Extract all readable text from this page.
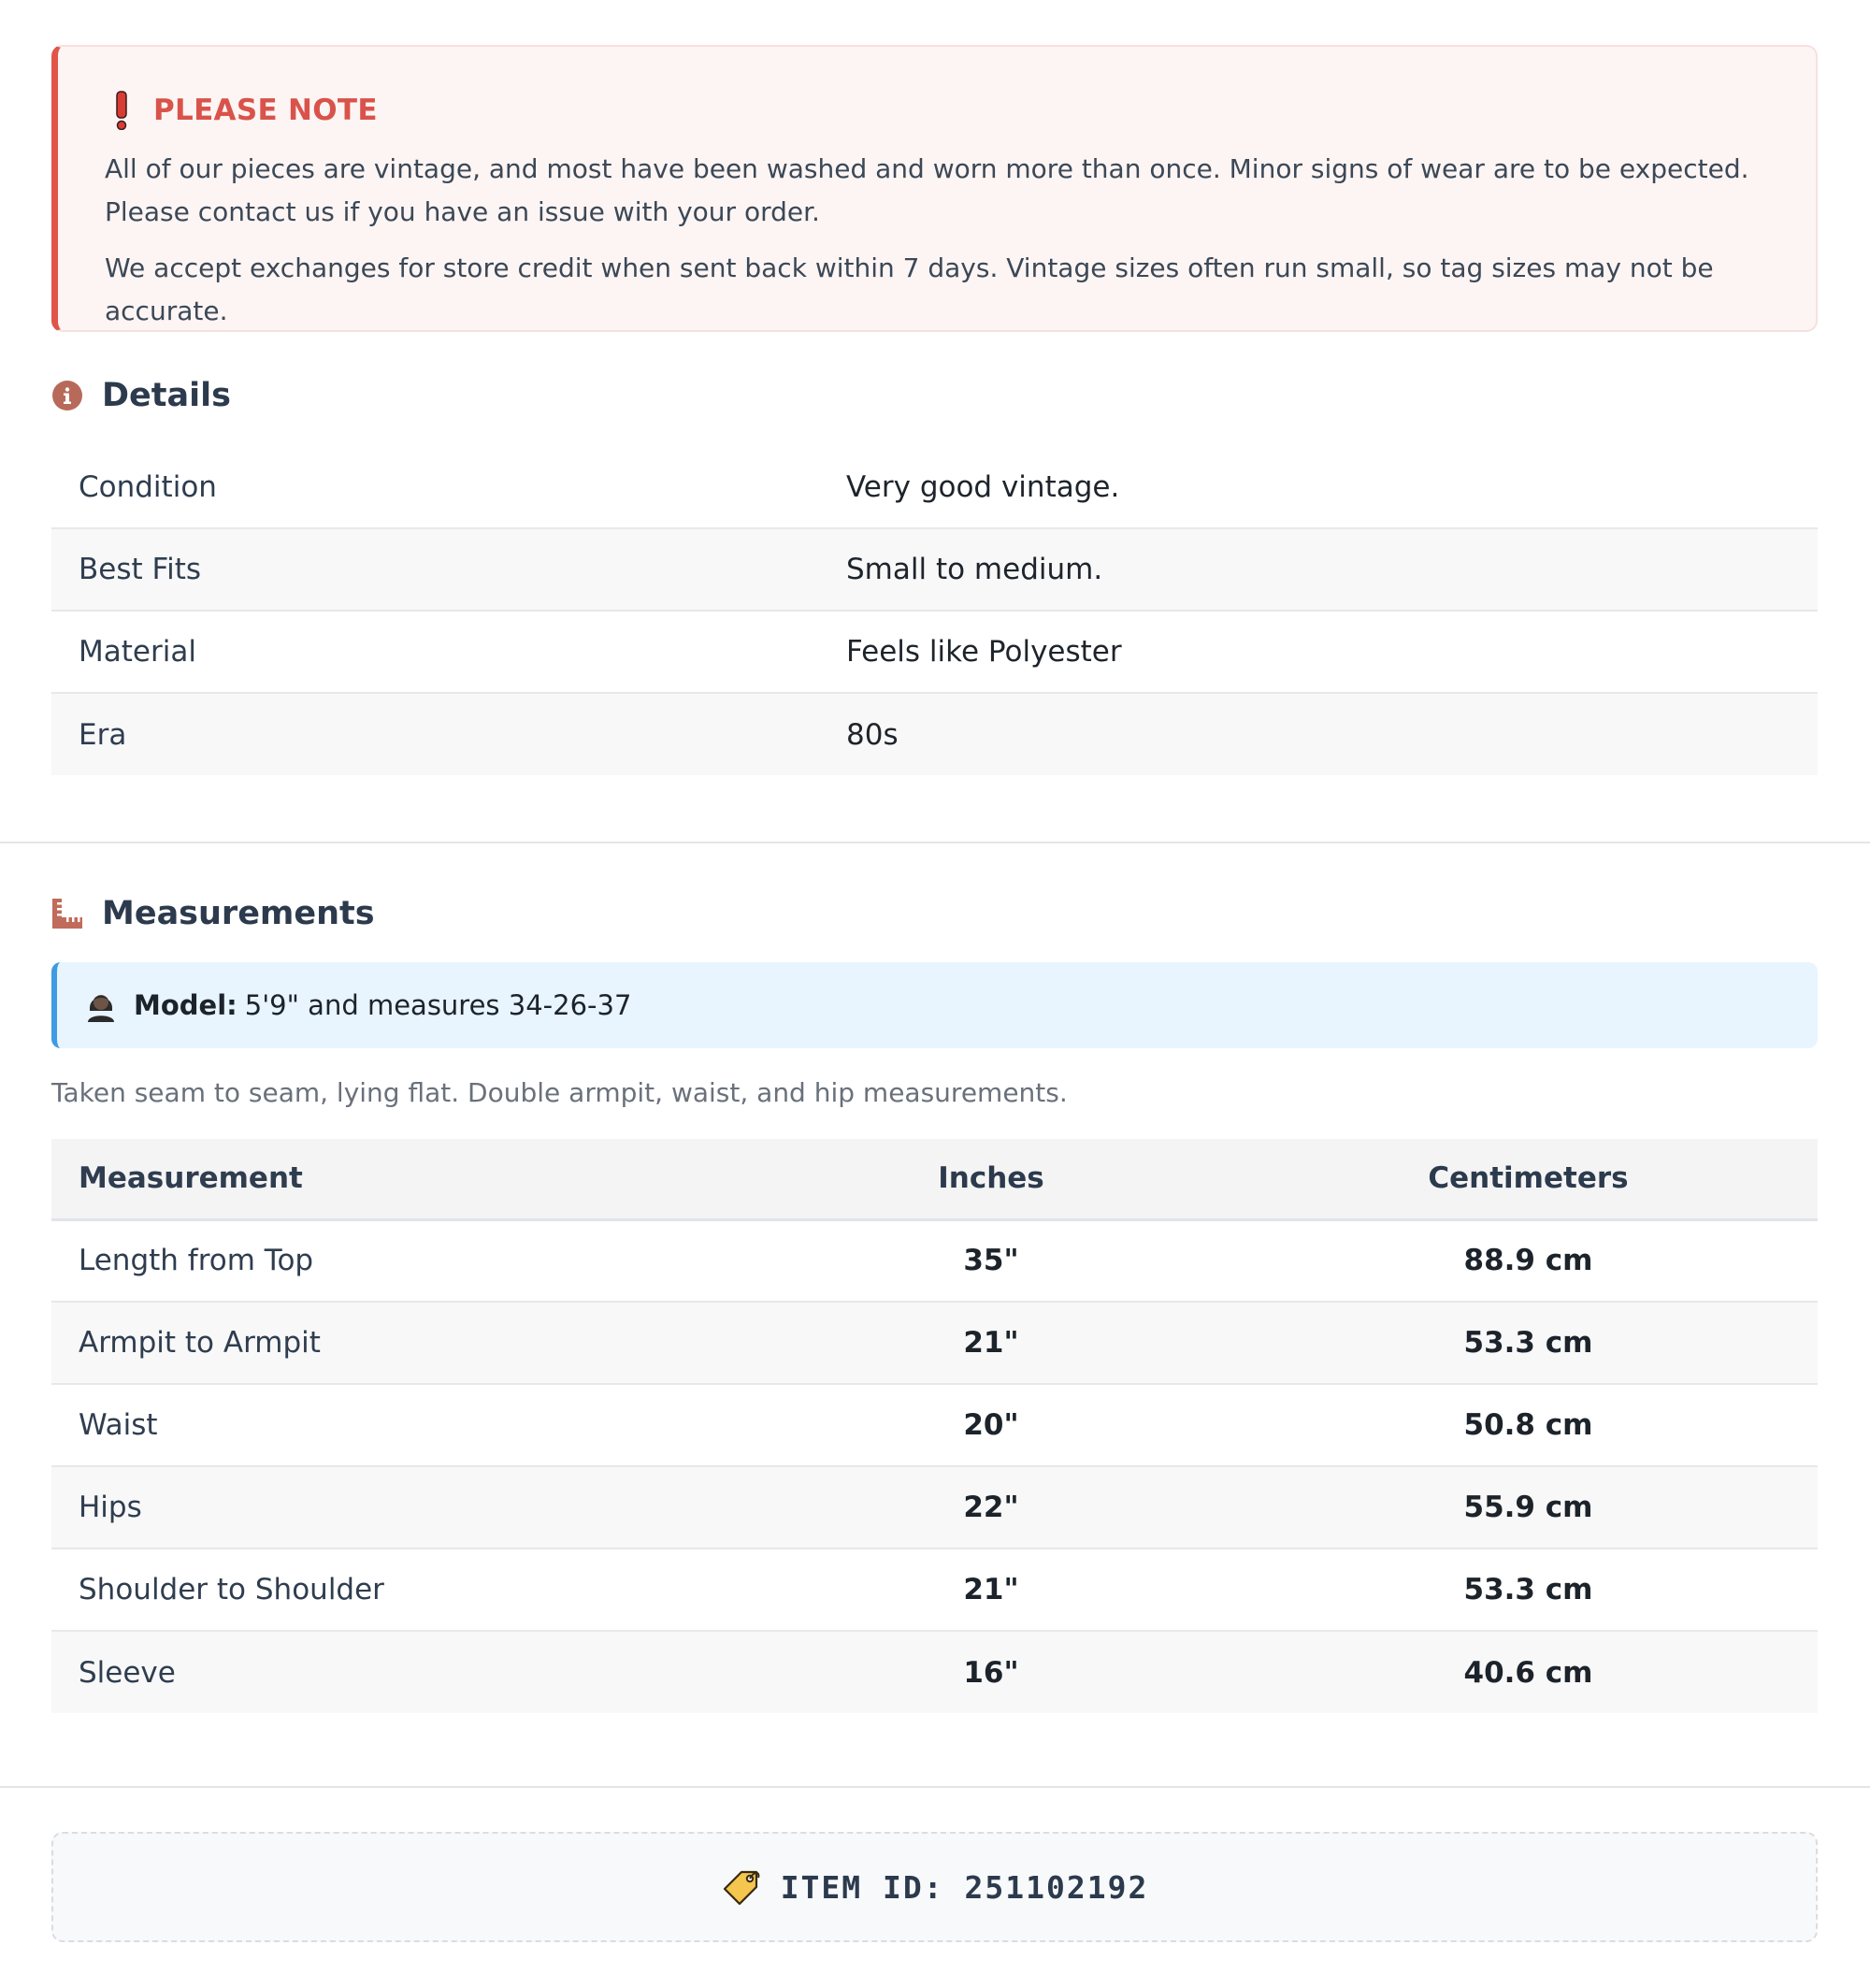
PLEASE NOTE

All of our pieces are vintage, and most have been washed and worn more than once. Minor signs of wear are to be expected. Please contact us if you have an issue with your order.

We accept exchanges for store credit when sent back within 7 days. Vintage sizes often run small, so tag sizes may not be accurate.

Details
Condition	Very good vintage.
Best Fits	Small to medium.
Material	Feels like Polyester
Era	80s
Measurements
Model: 5'9" and measures 34-26-37

Taken seam to seam, lying flat. Double armpit, waist, and hip measurements.

Measurement	Inches	Centimeters
Length from Top	35"	88.9 cm
Armpit to Armpit	21"	53.3 cm
Waist	20"	50.8 cm
Hips	22"	55.9 cm
Shoulder to Shoulder	21"	53.3 cm
Sleeve	16"	40.6 cm
ITEM ID: 251102192
